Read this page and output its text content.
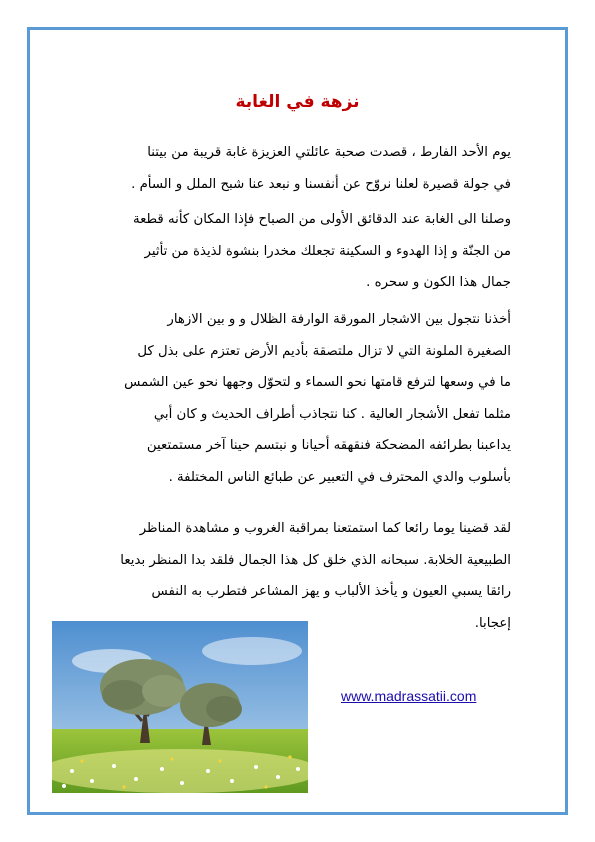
نزهة في الغابة
يوم الأحد الفارط ، قصدت صحبة عائلتي العزيزة غابة قريبة من بيتنا
في جولة قصيرة لعلنا نروّح عن أنفسنا و نبعد عنا شبح الملل و السأم .
وصلنا الى الغابة عند الدقائق الأولى من الصباح فإذا المكان كأنه قطعة
من الجنّة و إذا الهدوء و السكينة تجعلك مخدرا بنشوة لذيذة من تأثير
جمال هذا الكون و سحره .
أخذنا نتجول بين الاشجار المورقة الوارفة الظلال و و بين الازهار
الصغيرة الملونة التي لا تزال ملتصقة بأديم الأرض تعتزم على بذل كل
ما في وسعها لترفع قامتها نحو السماء و لتحوّل وجهها نحو عين الشمس
مثلما تفعل الأشجار العالية . كنا نتجاذب أطراف الحديث و كان أبي
يداعبنا بطرائفه المضحكة فنقهقه أحيانا و نبتسم حينا آخر مستمتعين
بأسلوب والدي المحترف في التعبير عن طبائع الناس المختلفة .
لقد قضينا يوما رائعا كما استمتعنا بمراقبة الغروب و مشاهدة المناظر
الطبيعية الخلابة. سبحانه الذي خلق كل هذا الجمال فلقد بدا المنظر بديعا
رائقا يسبي العيون و يأخذ الألباب و يهز المشاعر فتطرب به النفس
إعجابا.
www.madrassatii.com
